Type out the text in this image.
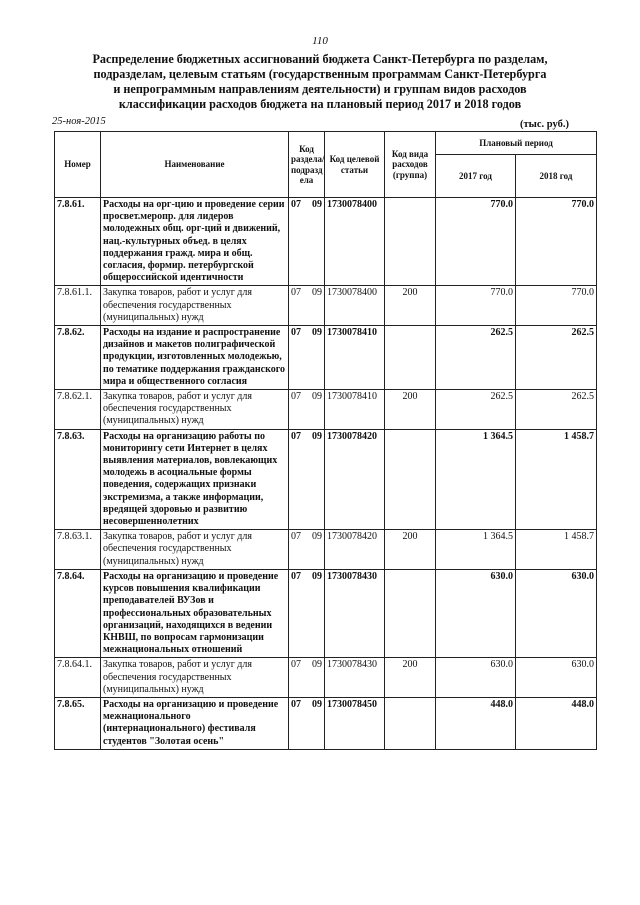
110
Распределение бюджетных ассигнований бюджета Санкт-Петербурга по разделам,
подразделам, целевым статьям (государственным программам Санкт-Петербурга
и непрограммным направлениям деятельности) и группам видов расходов
классификации расходов бюджета на плановый период 2017 и 2018 годов
25-ноя-2015	(тыс. руб.)
Номер	Наименование	Код раздела/ подразд ела	Код целевой статьи	Код вида расходов (группа)	Плановый период	
					2017 год	2018 год
7.8.61.	Расходы на орг-цию и проведение серии просвет.меропр. для лидеров молодежных общ. орг-ций и движений, нац.-культурных объед. в целях поддержания гражд. мира и общ. согласия, формир. петербургской общероссийской идентичности	07 09	1730078400		770.0	770.0
7.8.61.1.	Закупка товаров, работ и услуг для обеспечения государственных (муниципальных) нужд	07 09	1730078400	200	770.0	770.0
7.8.62.	Расходы на издание и распространение дизайнов и макетов полиграфической продукции, изготовленных молодежью, по тематике поддержания гражданского мира и общественного согласия	07 09	1730078410		262.5	262.5
7.8.62.1.	Закупка товаров, работ и услуг для обеспечения государственных (муниципальных) нужд	07 09	1730078410	200	262.5	262.5
7.8.63.	Расходы на организацию работы по мониторингу сети Интернет в целях выявления материалов, вовлекающих молодежь в асоциальные формы поведения, содержащих признаки экстремизма, а также информации, вредящей здоровью и развитию несовершеннолетних	07 09	1730078420		1 364.5	1 458.7
7.8.63.1.	Закупка товаров, работ и услуг для обеспечения государственных (муниципальных) нужд	07 09	1730078420	200	1 364.5	1 458.7
7.8.64.	Расходы на организацию и проведение курсов повышения квалификации преподавателей ВУЗов и профессиональных образовательных организаций, находящихся в ведении КНВШ, по вопросам гармонизации межнациональных отношений	07 09	1730078430		630.0	630.0
7.8.64.1.	Закупка товаров, работ и услуг для обеспечения государственных (муниципальных) нужд	07 09	1730078430	200	630.0	630.0
7.8.65.	Расходы на организацию и проведение межнационального (интернационального) фестиваля студентов "Золотая осень"	07 09	1730078450		448.0	448.0
